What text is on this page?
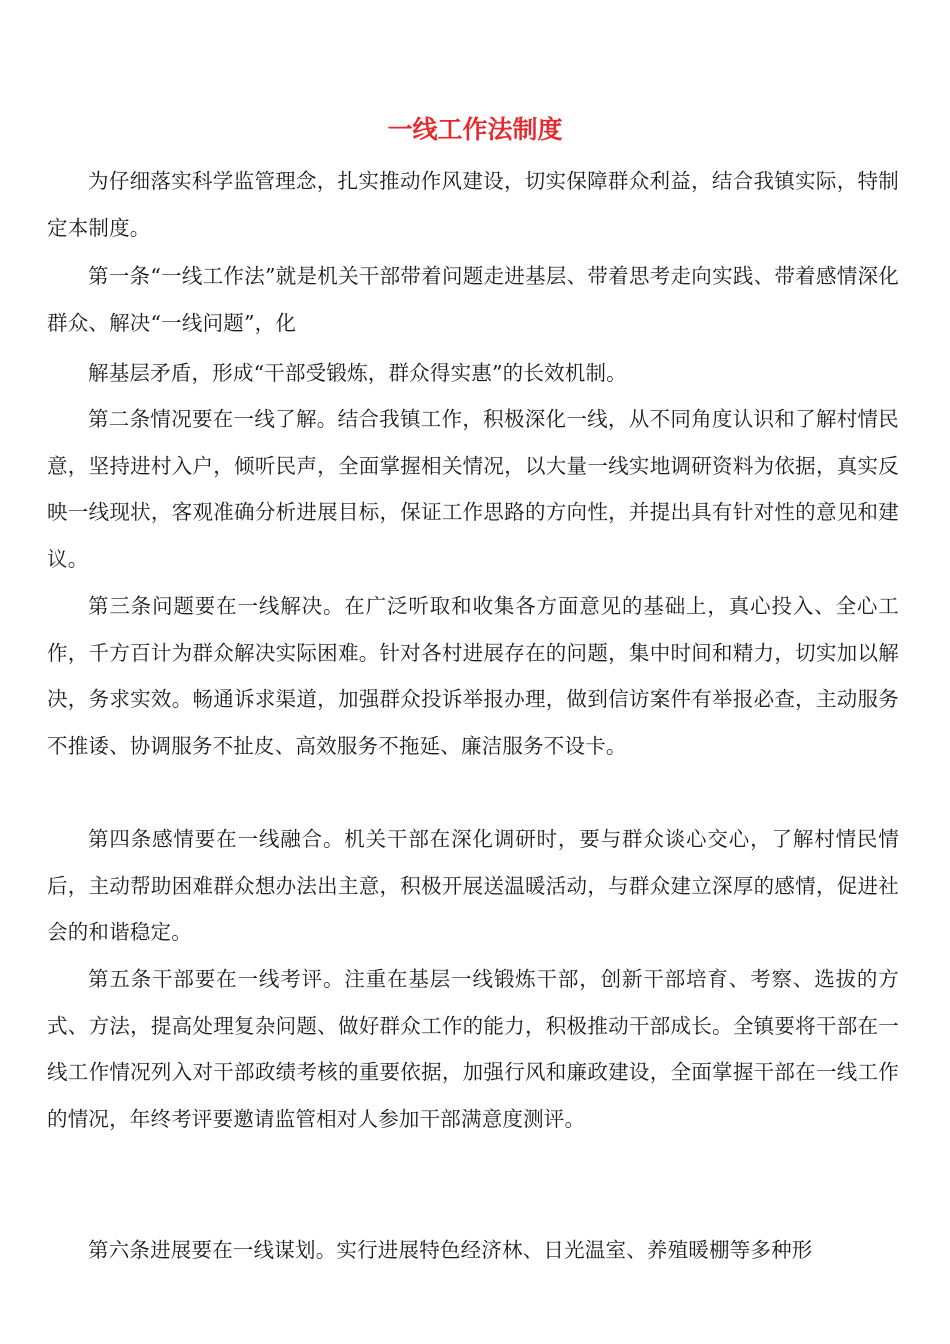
一线工作法制度

为仔细落实科学监管理念，扎实推动作风建设，切实保障群众利益，结合我镇实际，特制定本制度。

第一条“一线工作法”就是机关干部带着问题走进基层、带着思考走向实践、带着感情深化群众、解决“一线问题”，化

解基层矛盾，形成“干部受锻炼，群众得实惠”的长效机制。

第二条情况要在一线了解。结合我镇工作，积极深化一线，从不同角度认识和了解村情民意，坚持进村入户，倾听民声，全面掌握相关情况，以大量一线实地调研资料为依据，真实反映一线现状，客观准确分析进展目标，保证工作思路的方向性，并提出具有针对性的意见和建议。

第三条问题要在一线解决。在广泛听取和收集各方面意见的基础上，真心投入、全心工作，千方百计为群众解决实际困难。针对各村进展存在的问题，集中时间和精力，切实加以解决，务求实效。畅通诉求渠道，加强群众投诉举报办理，做到信访案件有举报必查，主动服务不推诿、协调服务不扯皮、高效服务不拖延、廉洁服务不设卡。

第四条感情要在一线融合。机关干部在深化调研时，要与群众谈心交心，了解村情民情后，主动帮助困难群众想办法出主意，积极开展送温暖活动，与群众建立深厚的感情，促进社会的和谐稳定。

第五条干部要在一线考评。注重在基层一线锻炼干部，创新干部培育、考察、选拔的方式、方法，提高处理复杂问题、做好群众工作的能力，积极推动干部成长。全镇要将干部在一线工作情况列入对干部政绩考核的重要依据，加强行风和廉政建设，全面掌握干部在一线工作的情况，年终考评要邀请监管相对人参加干部满意度测评。

第六条进展要在一线谋划。实行进展特色经济林、日光温室、养殖暖棚等多种形
